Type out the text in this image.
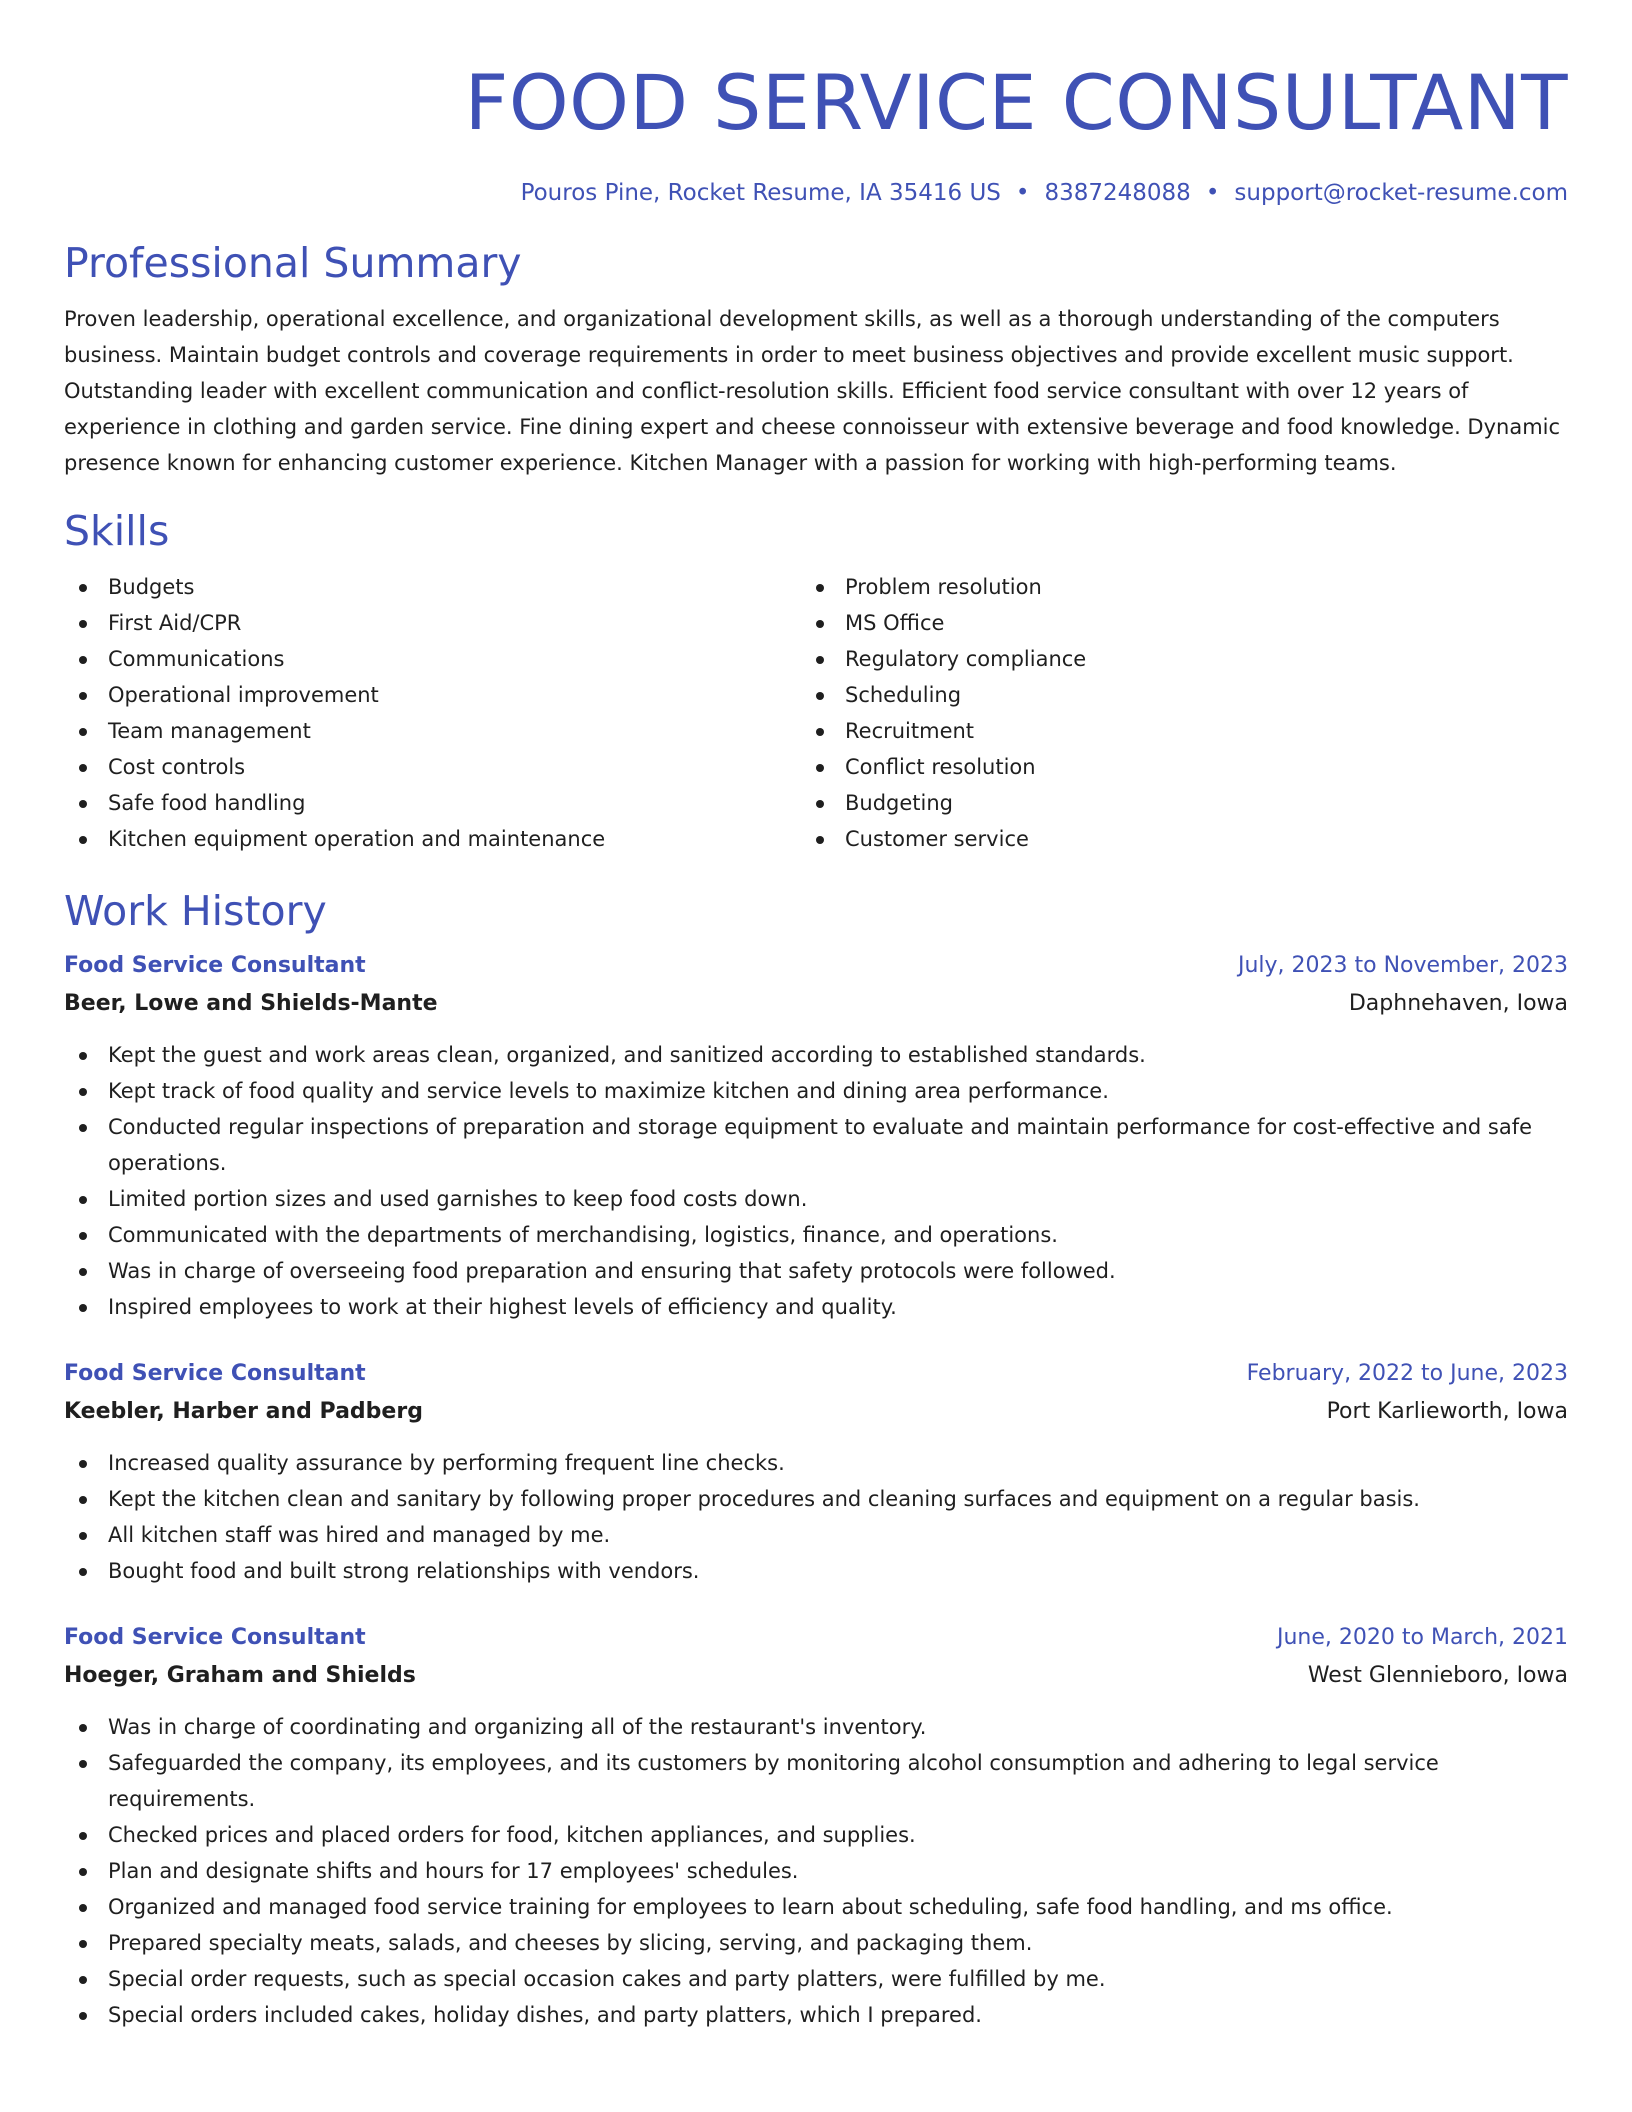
FOOD SERVICE CONSULTANT
Pouros Pine, Rocket Resume, IA 35416 US • 8387248088 • support@rocket-resume.com
Professional Summary
Proven leadership, operational excellence, and organizational development skills, as well as a thorough understanding of the computers business. Maintain budget controls and coverage requirements in order to meet business objectives and provide excellent music support. Outstanding leader with excellent communication and conflict-resolution skills. Efficient food service consultant with over 12 years of experience in clothing and garden service. Fine dining expert and cheese connoisseur with extensive beverage and food knowledge. Dynamic presence known for enhancing customer experience. Kitchen Manager with a passion for working with high-performing teams.
Skills
Budgets
First Aid/CPR
Communications
Operational improvement
Team management
Cost controls
Safe food handling
Kitchen equipment operation and maintenance
Problem resolution
MS Office
Regulatory compliance
Scheduling
Recruitment
Conflict resolution
Budgeting
Customer service
Work History
Food Service Consultant	July, 2023 to November, 2023
Beer, Lowe and Shields-Mante	Daphnehaven, Iowa
Kept the guest and work areas clean, organized, and sanitized according to established standards.
Kept track of food quality and service levels to maximize kitchen and dining area performance.
Conducted regular inspections of preparation and storage equipment to evaluate and maintain performance for cost-effective and safe operations.
Limited portion sizes and used garnishes to keep food costs down.
Communicated with the departments of merchandising, logistics, finance, and operations.
Was in charge of overseeing food preparation and ensuring that safety protocols were followed.
Inspired employees to work at their highest levels of efficiency and quality.
Food Service Consultant	February, 2022 to June, 2023
Keebler, Harber and Padberg	Port Karlieworth, Iowa
Increased quality assurance by performing frequent line checks.
Kept the kitchen clean and sanitary by following proper procedures and cleaning surfaces and equipment on a regular basis.
All kitchen staff was hired and managed by me.
Bought food and built strong relationships with vendors.
Food Service Consultant	June, 2020 to March, 2021
Hoeger, Graham and Shields	West Glennieboro, Iowa
Was in charge of coordinating and organizing all of the restaurant's inventory.
Safeguarded the company, its employees, and its customers by monitoring alcohol consumption and adhering to legal service requirements.
Checked prices and placed orders for food, kitchen appliances, and supplies.
Plan and designate shifts and hours for 17 employees' schedules.
Organized and managed food service training for employees to learn about scheduling, safe food handling, and ms office.
Prepared specialty meats, salads, and cheeses by slicing, serving, and packaging them.
Special order requests, such as special occasion cakes and party platters, were fulfilled by me.
Special orders included cakes, holiday dishes, and party platters, which I prepared.
